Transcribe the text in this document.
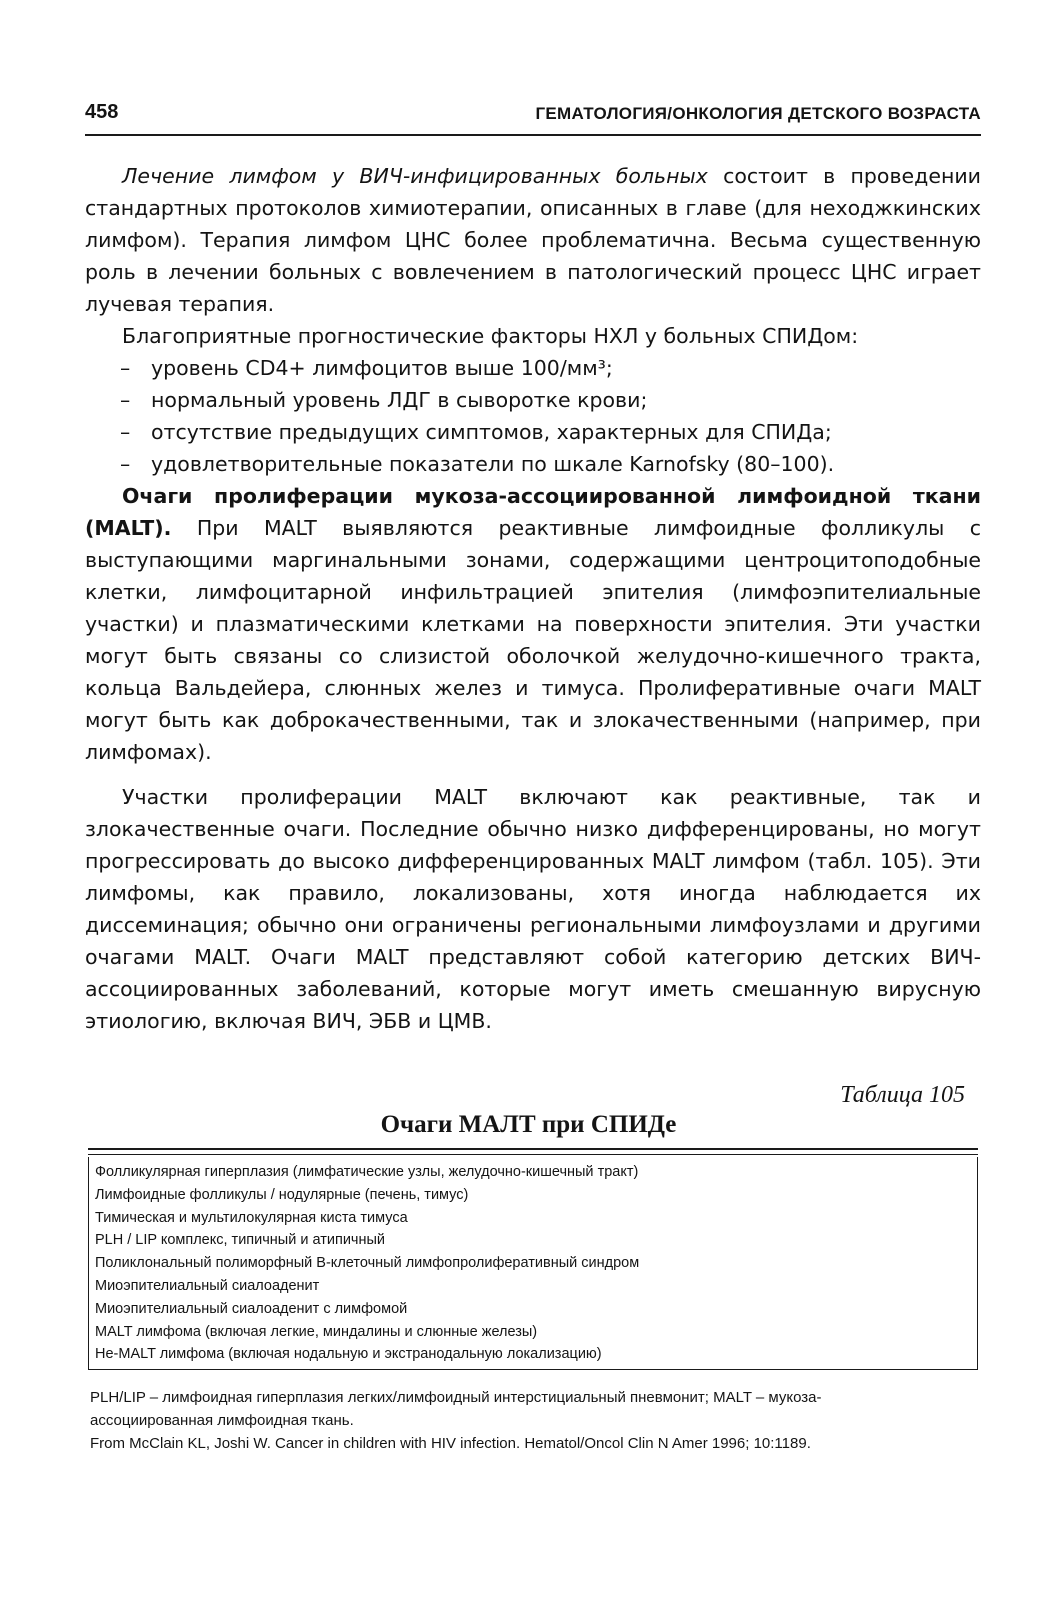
458	ГЕМАТОЛОГИЯ/ОНКОЛОГИЯ ДЕТСКОГО ВОЗРАСТА

Лечение лимфом у ВИЧ-инфицированных больных состоит в проведении стандартных протоколов химиотерапии, описанных в главе (для неходжкинских лимфом). Терапия лимфом ЦНС более проблематична. Весьма существенную роль в лечении больных с вовлечением в патологический процесс ЦНС играет лучевая терапия.

Благоприятные прогностические факторы НХЛ у больных СПИДом:

– уровень CD4+ лимфоцитов выше 100/мм³;
– нормальный уровень ЛДГ в сыворотке крови;
– отсутствие предыдущих симптомов, характерных для СПИДа;
– удовлетворительные показатели по шкале Karnofsky (80–100).

Очаги пролиферации мукоза-ассоциированной лимфоидной ткани (MALT). При MALT выявляются реактивные лимфоидные фолликулы с выступающими маргинальными зонами, содержащими центроцитоподобные клетки, лимфоцитарной инфильтрацией эпителия (лимфоэпителиальные участки) и плазматическими клетками на поверхности эпителия. Эти участки могут быть связаны со слизистой оболочкой желудочно-кишечного тракта, кольца Вальдейера, слюнных желез и тимуса. Пролиферативные очаги MALT могут быть как доброкачественными, так и злокачественными (например, при лимфомах).

Участки пролиферации MALT включают как реактивные, так и злокачественные очаги. Последние обычно низко дифференцированы, но могут прогрессировать до высоко дифференцированных MALT лимфом (табл. 105). Эти лимфомы, как правило, локализованы, хотя иногда наблюдается их диссеминация; обычно они ограничены региональными лимфоузлами и другими очагами MALT. Очаги MALT представляют собой категорию детских ВИЧ-ассоциированных заболеваний, которые могут иметь смешанную вирусную этиологию, включая ВИЧ, ЭБВ и ЦМВ.

Таблица 105
Очаги МАЛТ при СПИДе
Фолликулярная гиперплазия (лимфатические узлы, желудочно-кишечный тракт)
Лимфоидные фолликулы / нодулярные (печень, тимус)
Тимическая и мультилокулярная киста тимуса
PLH / LIP комплекс, типичный и атипичный
Поликлональный полиморфный В-клеточный лимфопролиферативный синдром
Миоэпителиальный сиалоаденит
Миоэпителиальный сиалоаденит с лимфомой
MALT лимфома (включая легкие, миндалины и слюнные железы)
Не-MALT лимфома (включая нодальную и экстранодальную локализацию)
PLH/LIP – лимфоидная гиперплазия легких/лимфоидный интерстициальный пневмонит; MALT – мукоза-
ассоциированная лимфоидная ткань.
From McClain KL, Joshi W. Cancer in children with HIV infection. Hematol/Oncol Clin N Amer 1996; 10:1189.
